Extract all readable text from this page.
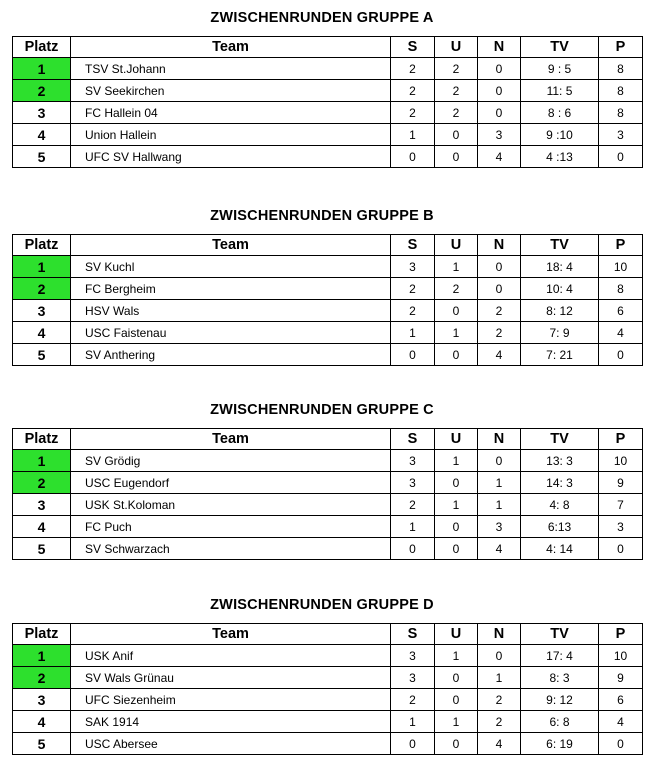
ZWISCHENRUNDEN GRUPPE A
Platz	Team	S	U	N	TV	P
1	TSV St.Johann	2	2	0	9 : 5	8
2	SV Seekirchen	2	2	0	11: 5	8
3	FC Hallein 04	2	2	0	8 : 6	8
4	Union Hallein	1	0	3	9 :10	3
5	UFC SV Hallwang	0	0	4	4 :13	0
ZWISCHENRUNDEN GRUPPE B
Platz	Team	S	U	N	TV	P
1	SV Kuchl	3	1	0	18: 4	10
2	FC Bergheim	2	2	0	10: 4	8
3	HSV Wals	2	0	2	8: 12	6
4	USC Faistenau	1	1	2	7: 9	4
5	SV Anthering	0	0	4	7: 21	0
ZWISCHENRUNDEN GRUPPE C
Platz	Team	S	U	N	TV	P
1	SV Grödig	3	1	0	13: 3	10
2	USC Eugendorf	3	0	1	14: 3	9
3	USK St.Koloman	2	1	1	4: 8	7
4	FC Puch	1	0	3	6:13	3
5	SV Schwarzach	0	0	4	4: 14	0
ZWISCHENRUNDEN GRUPPE D
Platz	Team	S	U	N	TV	P
1	USK Anif	3	1	0	17: 4	10
2	SV Wals Grünau	3	0	1	8: 3	9
3	UFC Siezenheim	2	0	2	9: 12	6
4	SAK 1914	1	1	2	6: 8	4
5	USC Abersee	0	0	4	6: 19	0
